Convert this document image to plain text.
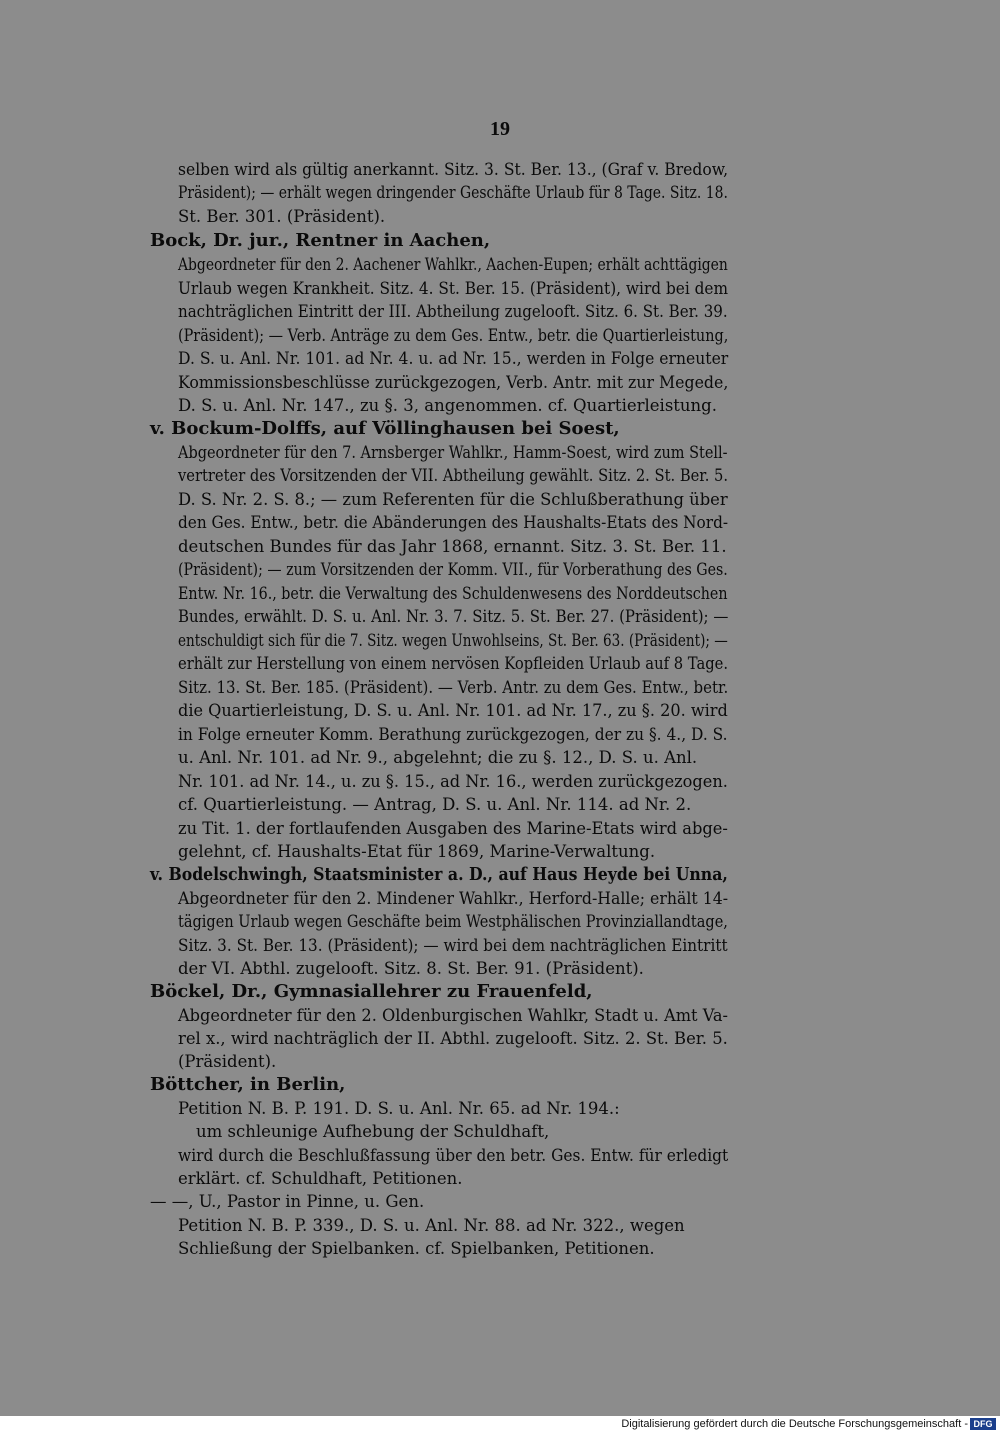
19
selben wird als gültig anerkannt. Sitz. 3. St. Ber. 13., (Graf v. Bredow,
Präsident); — erhält wegen dringender Geschäfte Urlaub für 8 Tage. Sitz. 18.
St. Ber. 301. (Präsident).
Bock, Dr. jur., Rentner in Aachen,
Abgeordneter für den 2. Aachener Wahlkr., Aachen-Eupen; erhält achttägigen
Urlaub wegen Krankheit. Sitz. 4. St. Ber. 15. (Präsident), wird bei dem
nachträglichen Eintritt der III. Abtheilung zugelooft. Sitz. 6. St. Ber. 39.
(Präsident); — Verb. Anträge zu dem Ges. Entw., betr. die Quartierleistung,
D. S. u. Anl. Nr. 101. ad Nr. 4. u. ad Nr. 15., werden in Folge erneuter
Kommissionsbeschlüsse zurückgezogen, Verb. Antr. mit zur Megede,
D. S. u. Anl. Nr. 147., zu §. 3, angenommen. cf. Quartierleistung.
v. Bockum-Dolffs, auf Völlinghausen bei Soest,
Abgeordneter für den 7. Arnsberger Wahlkr., Hamm-Soest, wird zum Stell-
vertreter des Vorsitzenden der VII. Abtheilung gewählt. Sitz. 2. St. Ber. 5.
D. S. Nr. 2. S. 8.; — zum Referenten für die Schlußberathung über
den Ges. Entw., betr. die Abänderungen des Haushalts-Etats des Nord-
deutschen Bundes für das Jahr 1868, ernannt. Sitz. 3. St. Ber. 11.
(Präsident); — zum Vorsitzenden der Komm. VII., für Vorberathung des Ges.
Entw. Nr. 16., betr. die Verwaltung des Schuldenwesens des Norddeutschen
Bundes, erwählt. D. S. u. Anl. Nr. 3. 7. Sitz. 5. St. Ber. 27. (Präsident); —
entschuldigt sich für die 7. Sitz. wegen Unwohlseins, St. Ber. 63. (Präsident); —
erhält zur Herstellung von einem nervösen Kopfleiden Urlaub auf 8 Tage.
Sitz. 13. St. Ber. 185. (Präsident). — Verb. Antr. zu dem Ges. Entw., betr.
die Quartierleistung, D. S. u. Anl. Nr. 101. ad Nr. 17., zu §. 20. wird
in Folge erneuter Komm. Berathung zurückgezogen, der zu §. 4., D. S.
u. Anl. Nr. 101. ad Nr. 9., abgelehnt; die zu §. 12., D. S. u. Anl.
Nr. 101. ad Nr. 14., u. zu §. 15., ad Nr. 16., werden zurückgezogen.
cf. Quartierleistung. — Antrag, D. S. u. Anl. Nr. 114. ad Nr. 2.
zu Tit. 1. der fortlaufenden Ausgaben des Marine-Etats wird abge-
gelehnt, cf. Haushalts-Etat für 1869, Marine-Verwaltung.
v. Bodelschwingh, Staatsminister a. D., auf Haus Heyde bei Unna,
Abgeordneter für den 2. Mindener Wahlkr., Herford-Halle; erhält 14-
tägigen Urlaub wegen Geschäfte beim Westphälischen Provinziallandtage,
Sitz. 3. St. Ber. 13. (Präsident); — wird bei dem nachträglichen Eintritt
der VI. Abthl. zugelooft. Sitz. 8. St. Ber. 91. (Präsident).
Böckel, Dr., Gymnasiallehrer zu Frauenfeld,
Abgeordneter für den 2. Oldenburgischen Wahlkr, Stadt u. Amt Va-
rel x., wird nachträglich der II. Abthl. zugelooft. Sitz. 2. St. Ber. 5.
(Präsident).
Böttcher, in Berlin,
Petition N. B. P. 191. D. S. u. Anl. Nr. 65. ad Nr. 194.:
um schleunige Aufhebung der Schuldhaft,
wird durch die Beschlußfassung über den betr. Ges. Entw. für erledigt
erklärt. cf. Schuldhaft, Petitionen.
— —, U., Pastor in Pinne, u. Gen.
Petition N. B. P. 339., D. S. u. Anl. Nr. 88. ad Nr. 322., wegen
Schließung der Spielbanken. cf. Spielbanken, Petitionen.
Digitalisierung gefördert durch die Deutsche Forschungsgemeinschaft - DFG
